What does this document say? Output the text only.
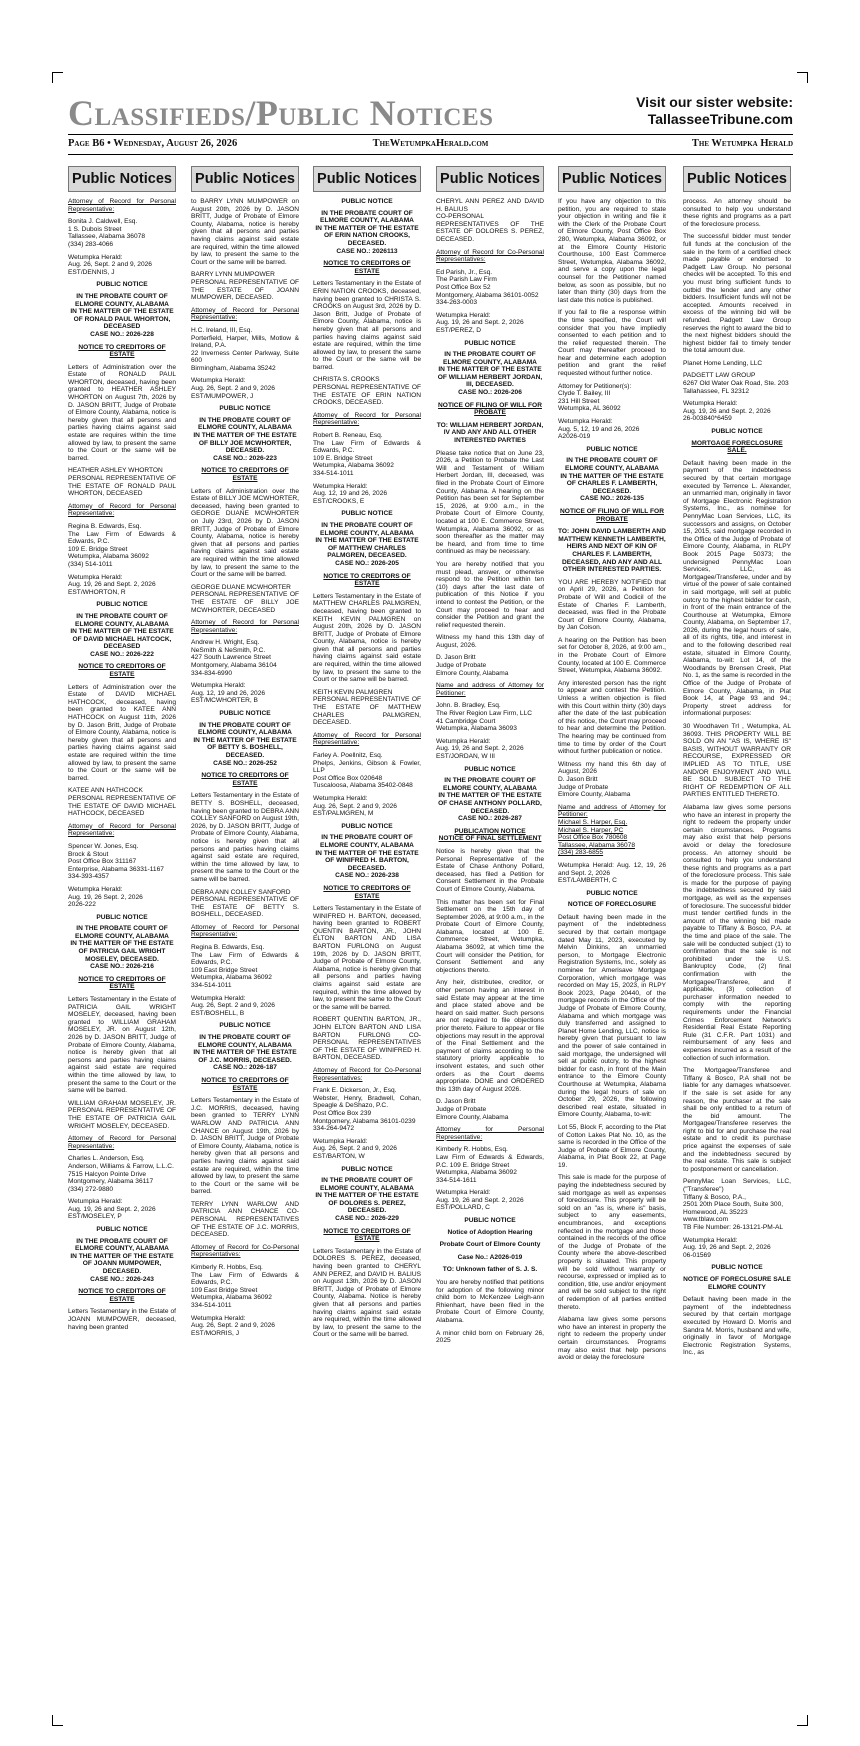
Classifieds/Public Notices	Visit our sister website:
TallasseeTribune.com
Page B6 • Wednesday, August 26, 2026	TheWetumpkaHerald.com	The Wetumpka Herald
Public Notices
Attorney of Record for Personal Representative:
Bonita J. Caldwell, Esq.
1 S. Dubois Street
Tallassee, Alabama 36078
(334) 283-4066
Wetumpka Herald:
Aug. 26, Sept. 2 and 9, 2026
EST/DENNIS, J
PUBLIC NOTICE
IN THE PROBATE COURT OF ELMORE COUNTY, ALABAMA
IN THE MATTER OF THE ESTATE OF RONALD PAUL WHORTON, DECEASED
CASE NO.: 2026-228
NOTICE TO CREDITORS OF ESTATE
Letters of Administration over the Estate of RONALD PAUL WHORTON, deceased, having been granted to HEATHER ASHLEY WHORTON on August 7th, 2026 by D. JASON BRITT, Judge of Probate of Elmore County, Alabama, notice is hereby given that all persons and parties having claims against said estate are requires within the time allowed by law, to present the same to the Court or the same will be barred.
HEATHER ASHLEY WHORTON
PERSONAL REPRESENTATIVE OF THE ESTATE OF RONALD PAUL WHORTON, DECEASED
Attorney of Record for Personal Representative:
Regina B. Edwards, Esq.
The Law Firm of Edwards & Edwards, P.C.
109 E. Bridge Street
Wetumpka, Alabama 36092
(334) 514-1011
Wetumpka Herald:
Aug. 19, 26 and Sept. 2, 2026
EST/WHORTON, R
PUBLIC NOTICE
IN THE PROBATE COURT OF ELMORE COUNTY, ALABAMA
IN THE MATTER OF THE ESTATE OF DAVID MICHAEL HATCOCK, DECEASED
CASE NO.: 2026-222
NOTICE TO CREDITORS OF ESTATE
Letters of Administration over the Estate of DAVID MICHAEL HATHCOCK, deceased, having been granted to KATEE ANN HATHCOCK on August 11th, 2026 by D. Jason Britt, Judge of Probate of Elmore County, Alabama, notice is hereby given that all persons and parties having claims against said estate are required within the time allowed by law, to present the same to the Court or the same will be barred.
KATEE ANN HATHCOCK
PERSONAL REPRESENTATIVE OF THE ESTATE OF DAVID MICHAEL HATHCOCK, DECEASED
Attorney of Record for Personal Representative:
Spencer W. Jones, Esq.
Brock & Stout
Post Office Box 311167
Enterprise, Alabama 36331-1167
334-393-4357
Wetumpka Herald:
Aug. 19, 26 Sept. 2, 2026
2026-222
PUBLIC NOTICE
IN THE PROBATE COURT OF ELMORE COUNTY, ALABAMA
IN THE MATTER OF THE ESTATE OF PATRICIA GAIL WRIGHT MOSELEY, DECEASED.
CASE NO.: 2026-216
NOTICE TO CREDITORS OF ESTATE
Letters Testamentary in the Estate of PATRICIA GAIL WRIGHT MOSELEY, deceased, having been granted to WILLIAM GRAHAM MOSELEY, JR. on August 12th, 2026 by D. JASON BRITT, Judge of Probate of Elmore County, Alabama, notice is hereby given that all persons and parties having claims against said estate are required within the time allowed by law, to present the same to the Court or the same will be barred.
WILLIAM GRAHAM MOSELEY, JR. PERSONAL REPRESENTATIVE OF THE ESTATE OF PATRICIA GAIL WRIGHT MOSELEY, DECEASED.
Attorney of Record for Personal Representative:
Charles L. Anderson, Esq.
Anderson, Williams & Farrow, L.L.C.
7515 Halcyon Pointe Drive
Montgomery, Alabama 36117
(334) 272-9880
Wetumpka Herald:
Aug. 19, 26 and Sept. 2, 2026
EST/MOSELEY, P
PUBLIC NOTICE
IN THE PROBATE COURT OF ELMORE COUNTY, ALABAMA
IN THE MATTER OF THE ESTATE OF JOANN MUMPOWER, DECEASED.
CASE NO.: 2026-243
NOTICE TO CREDITORS OF ESTATE
Letters Testamentary in the Estate of JOANN MUMPOWER, deceased, having been granted
Public Notices
to BARRY LYNN MUMPOWER on August 20th, 2026 by D. JASON BRITT, Judge of Probate of Elmore County, Alabama, notice is hereby given that all persons and parties having claims against said estate are required, within the time allowed by law, to present the same to the Court or the same will be barred.
BARRY LYNN MUMPOWER
PERSONAL REPRESENTATIVE OF THE ESTATE OF JOANN MUMPOWER, DECEASED.
Attorney of Record for Personal Representative:
H.C. Ireland, III, Esq.
Porterfield, Harper, Mills, Motlow & Ireland, P.A.
22 Inverness Center Parkway, Suite 600
Birmingham, Alabama 35242
Wetumpka Herald:
Aug. 26, Sept. 2 and 9, 2026
EST/MUMPOWER, J
PUBLIC NOTICE
IN THE PROBATE COURT OF ELMORE COUNTY, ALABAMA
IN THE MATTER OF THE ESTATE OF BILLY JOE MCWHORTER, DECEASED.
CASE NO.: 2026-223
NOTICE TO CREDITORS OF ESTATE
Letters of Administration over the Estate of BILLY JOE MCWHORTER, deceased, having been granted to GEORGE DUANE MCWHORTER on July 23rd, 2026 by D. JASON BRITT, Judge of Probate of Elmore County, Alabama, notice is hereby given that all persons and parties having claims against said estate are required within the time allowed by law, to present the same to the Court or the same will be barred.
GEORGE DUANE MCWHORTER
PERSONAL REPRESENTATIVE OF THE ESTATE OF BILLY JOE MCWHORTER, DECEASED
Attorney of Record for Personal Representative:
Andrew H. Wright, Esq.
NeSmith & NeSmith, P.C.
427 South Lawrence Street
Montgomery, Alabama 36104
334-834-6990
Wetumpka Herald:
Aug. 12, 19 and 26, 2026
EST/MCWHORTER, B
PUBLIC NOTICE
IN THE PROBATE COURT OF ELMORE COUNTY, ALABAMA
IN THE MATTER OF THE ESTATE OF BETTY S. BOSHELL, DECEASED.
CASE NO.: 2026-252
NOTICE TO CREDITORS OF ESTATE
Letters Testamentary in the Estate of BETTY S. BOSHELL, deceased, having been granted to DEBRA ANN COLLEY SANFORD on August 19th, 2026, by D. JASON BRITT, Judge of Probate of Elmore County, Alabama, notice is hereby given that all persons and parties having claims against said estate are required, within the time allowed by law, to present the same to the Court or the same will be barred.
DEBRA ANN COLLEY SANFORD
PERSONAL REPRESENTATIVE OF THE ESTATE OF BETTY S. BOSHELL, DECEASED.
Attorney of Record for Personal Representative:
Regina B. Edwards, Esq.
The Law Firm of Edwards & Edwards, P.C.
109 East Bridge Street
Wetumpka, Alabama 36092
334-514-1011
Wetumpka Herald:
Aug. 26, Sept. 2 and 9, 2026
EST/BOSHELL, B
PUBLIC NOTICE
IN THE PROBATE COURT OF ELMORE COUNTY, ALABAMA
IN THE MATTER OF THE ESTATE OF J.C. MORRIS, DECEASED.
CASE NO.: 2026-187
NOTICE TO CREDITORS OF ESTATE
Letters Testamentary in the Estate of J.C. MORRIS, deceased, having been granted to TERRY LYNN WARLOW AND PATRICIA ANN CHANCE on August 19th, 2026 by D. JASON BRITT, Judge of Probate of Elmore County, Alabama, notice is hereby given that all persons and parties having claims against said estate are required, within the time allowed by law, to present the same to the Court or the same will be barred.
TERRY LYNN WARLOW AND PATRICIA ANN CHANCE CO-PERSONAL REPRESENTATIVES OF THE ESTATE OF J.C. MORRIS, DECEASED.
Attorney of Record for Co-Personal Representatives:
Kimberly R. Hobbs, Esq.
The Law Firm of Edwards & Edwards, P.C.
109 East Bridge Street
Wetumpka, Alabama 36092
334-514-1011
Wetumpka Herald:
Aug. 26, Sept. 2 and 9, 2026
EST/MORRIS, J
Public Notices
PUBLIC NOTICE
IN THE PROBATE COURT OF ELMORE COUNTY, ALABAMA
IN THE MATTER OF THE ESTATE OF ERIN NATION CROOKS, DECEASED.
CASE NO.: 2026113
NOTICE TO CREDITORS OF ESTATE
Letters Testamentary in the Estate of ERIN NATION CROOKS, deceased, having been granted to CHRISTA S. CROOKS on August 3rd, 2026 by D. Jason Britt, Judge of Probate of Elmore County, Alabama, notice is hereby given that all persons and parties having claims against said estate are required, within the time allowed by law, to present the same to the Court or the same will be barred.
CHRISTA S. CROOKS
PERSONAL REPRESENTATIVE OF THE ESTATE OF ERIN NATION CROOKS, DECEASED.
Attorney of Record for Personal Representative:
Robert B. Reneau, Esq.
The Law Firm of Edwards & Edwards, P.C.
109 E. Bridge Street
Wetumpka, Alabama 36092
334-514-1011
Wetumpka Herald:
Aug. 12, 19 and 26, 2026
EST/CROOKS, E
PUBLIC NOTICE
IN THE PROBATE COURT OF ELMORE COUNTY, ALABAMA
IN THE MATTER OF THE ESTATE OF MATTHEW CHARLES PALMGREN, DECEASED.
CASE NO.: 2026-205
NOTICE TO CREDITORS OF ESTATE
Letters Testamentary in the Estate of MATTHEW CHARLES PALMGREN, deceased, having been granted to KEITH KEVIN PALMGREN on August 20th, 2026 by D. JASON BRITT, Judge of Probate of Elmore County, Alabama, notice is hereby given that all persons and parties having claims against said estate are required, within the time allowed by law, to present the same to the Court or the same will be barred.
KEITH KEVIN PALMGREN
PERSONAL REPRESENTATIVE OF THE ESTATE OF MATTHEW CHARLES PALMGREN, DECEASED.
Attorney of Record for Personal Representative:
Farley A. Poellnitz, Esq.
Phelps, Jenkins, Gibson & Fowler, LLP
Post Office Box 020648
Tuscaloosa, Alabama 35402-0848
Wetumpka Herald:
Aug. 26, Sept. 2 and 9, 2026
EST/PALMGREN, M
PUBLIC NOTICE
IN THE PROBATE COURT OF ELMORE COUNTY, ALABAMA
IN THE MATTER OF THE ESTATE OF WINIFRED H. BARTON, DECEASED.
CASE NO.: 2026-238
NOTICE TO CREDITORS OF ESTATE
Letters Testamentary in the Estate of WINIFRED H. BARTON, deceased, having been granted to ROBERT QUENTIN BARTON, JR., JOHN ELTON BARTON AND LISA BARTON FURLONG on August 19th, 2026 by D. JASON BRITT, Judge of Probate of Elmore County, Alabama, notice is hereby given that all persons and parties having claims against said estate are required, within the time allowed by law, to present the same to the Court or the same will be barred.
ROBERT QUENTIN BARTON, JR., JOHN ELTON BARTON AND LISA BARTON FURLONG CO-PERSONAL REPRESENTATIVES OF THE ESTATE OF WINIFRED H. BARTON, DECEASED.
Attorney of Record for Co-Personal Representatives:
Frank E. Dickerson, Jr., Esq.
Webster, Henry, Bradwell, Cohan, Speagle & DeShazo, P.C.
Post Office Box 239
Montgomery, Alabama 36101-0239
334-264-9472
Wetumpka Herald:
Aug. 26, Sept. 2 and 9, 2026
EST/BARTON, W
PUBLIC NOTICE
IN THE PROBATE COURT OF ELMORE COUNTY, ALABAMA
IN THE MATTER OF THE ESTATE OF DOLORES S. PEREZ, DECEASED.
CASE NO.: 2026-229
NOTICE TO CREDITORS OF ESTATE
Letters Testamentary in the Estate of DOLORES S. PEREZ, deceased, having been granted to CHERYL ANN PEREZ, and DAVID H. BALIUS on August 13th, 2026 by D. JASON BRITT, Judge of Probate of Elmore County, Alabama. Notice is hereby given that all persons and parties having claims against said estate are required, within the time allowed by law, to present the same to the Court or the same will be barred.
Public Notices
CHERYL ANN PEREZ AND DAVID H. BALIUS
CO-PERSONAL REPRESENTATIVES OF THE ESTATE OF DOLORES S. PEREZ, DECEASED.
Attorney of Record for Co-Personal Representatives:
Ed Parish, Jr., Esq.
The Parish Law Firm
Post Office Box 52
Montgomery, Alabama 36101-0052
334-263-0003
Wetumpka Herald:
Aug. 19, 26 and Sept. 2, 2026
EST/PEREZ, D
PUBLIC NOTICE
IN THE PROBATE COURT OF ELMORE COUNTY, ALABAMA
IN THE MATTER OF THE ESTATE OF WILLIAM HERBERT JORDAN, III, DECEASED.
CASE NO.: 2026-206
NOTICE OF FILING OF WILL FOR PROBATE
TO: WILLIAM HERBERT JORDAN, IV AND ANY AND ALL OTHER INTERESTED PARTIES
Please take notice that on June 23, 2026, a Petition to Probate the Last Will and Testament of William Herbert Jordan, III, deceased, was filed in the Probate Court of Elmore County, Alabama. A hearing on the Petition has been set for September 15, 2026, at 9:00 a.m., in the Probate Court of Elmore County, located at 100 E. Commerce Street, Wetumpka, Alabama 36092, or as soon thereafter as the matter may be heard, and from time to time continued as may be necessary.
You are hereby notified that you must plead, answer, or otherwise respond to the Petition within ten (10) days after the last date of publication of this Notice if you intend to contest the Petition, or the Court may proceed to hear and consider the Petition and grant the relief requested therein.
Witness my hand this 13th day of August, 2026.
D. Jason Britt
Judge of Probate
Elmore County, Alabama
Name and address of Attorney for Petitioner:
John. B. Bradley, Esq.
The River Region Law Firm, LLC
41 Cambridge Court
Wetumpka, Alabama 36093
Wetumpka Herald:
Aug. 19, 26 and Sept. 2, 2026
EST/JORDAN, W III
PUBLIC NOTICE
IN THE PROBATE COURT OF ELMORE COUNTY, ALABAMA
IN THE MATTER OF THE ESTATE OF CHASE ANTHONY POLLARD, DECEASED.
CASE NO.: 2026-287
PUBLICATION NOTICE
NOTICE OF FINAL SETTLEMENT
Notice is hereby given that the Personal Representative of the Estate of Chase Anthony Pollard, deceased, has filed a Petition for Consent Settlement in the Probate Court of Elmore County, Alabama.
This matter has been set for Final Settlement on the 15th day of September 2026, at 9:00 a.m., in the Probate Court of Elmore County, Alabama, located at 100 E. Commerce Street, Wetumpka, Alabama 36092, at which time the Court will consider the Petition, for Consent Settlement and any objections thereto.
Any heir, distributee, creditor, or other person having an interest in said Estate may appear at the time and place stated above and be heard on said matter. Such persons are not required to file objections prior thereto. Failure to appear or file objections may result in the approval of the Final Settlement and the payment of claims according to the statutory priority applicable to insolvent estates, and such other orders as the Court deems appropriate. DONE and ORDERED this 13th day of August 2026.
D. Jason Britt
Judge of Probate
Elmore County, Alabama
Attorney for Personal Representative:
Kimberly R. Hobbs, Esq.
Law Firm of Edwards & Edwards, P.C. 109 E. Bridge Street
Wetumpka, Alabama 36092
334-514-1611
Wetumpka Herald:
Aug. 19, 26 and Sept. 2, 2026
EST/POLLARD, C
PUBLIC NOTICE
Notice of Adoption Hearing
Probate Court of Elmore County
Case No.: A2026-019
TO: Unknown father of S. J. S.
You are hereby notified that petitions for adoption of the following minor child born to McKenzee Leigh-ann Rhienhart, have been filed in the Probate Court of Elmore County, Alabama.
A minor child born on February 26, 2025
Public Notices
If you have any objection to this petition, you are required to state your objection in writing and file it with the Clerk of the Probate Court of Elmore County, Post Office Box 280, Wetumpka, Alabama 36092, or at the Elmore County Historic Courthouse, 100 East Commerce Street, Wetumpka, Alabama 36092, and serve a copy upon the legal counsel for the Petitioner named below, as soon as possible, but no later than thirty (30) days from the last date this notice is published.
If you fail to file a response within the time specified, the Court will consider that you have impliedly consented to each petition and to the relief requested therein. The Court may thereafter proceed to hear and determine each adoption petition and grant the relief requested without further notice.
Attorney for Petitioner(s):
Clyde T. Bailey, III
231 Hill Street
Wetumpka, AL 36092
Wetumpka Herald:
Aug. 5, 12, 19 and 26, 2026
A2026-019
PUBLIC NOTICE
IN THE PROBATE COURT OF ELMORE COUNTY, ALABAMA
IN THE MATTER OF THE ESTATE OF CHARLES F. LAMBERTH, DECEASED.
CASE NO.: 2026-135
NOTICE OF FILING OF WILL FOR PROBATE
TO: JOHN DAVID LAMBERTH AND MATTHEW KENNETH LAMBERTH, HEIRS AND NEXT OF KIN OF CHARLES F. LAMBERTH, DECEASED, AND ANY AND ALL OTHER INTERESTED PARTIES.
YOU ARE HEREBY NOTIFIED that on April 29, 2026, a Petition for Probate of Will and Codicil of the Estate of Charles F. Lamberth, deceased, was filed in the Probate Court of Elmore County, Alabama, by Jan Colson.
A hearing on the Petition has been set for October 8, 2026, at 9:00 am., in the Probate Court of Elmore County, located at 100 E. Commerce Street, Wetumpka, Alabama 36092.
Any interested person has the right to appear and contest the Petition. Unless a written objection is filed with this Court within thirty (30) days after the date of the last publication of this notice, the Court may proceed to hear and determine the Petition. The hearing may be continued from time to time by order of the Court without further publication or notice.
Witness my hand this 6th day of August, 2026
D. Jason Britt
Judge of Probate
Elmore County, Alabama
Name and address of Attorney for Petitioner:
Michael S. Harper, Esq.
Michael S. Harper, PC
Post Office Box 780608
Tallassee, Alabama 36078
(334) 283-6855
Wetumpka Herald: Aug. 12, 19, 26 and Sept. 2, 2026
EST/LAMBERTH, C
PUBLIC NOTICE
NOTICE OF FORECLOSURE
Default having been made in the payment of the indebtedness secured by that certain mortgage dated May 11, 2023, executed by Melvin Dinkins, an unmarried person, to Mortgage Electronic Registration Systems, Inc., solely as nominee for Amerisave Mortgage Corporation, which mortgage was recorded on May 15, 2023, in RLPY Book 2023, Page 20440, of the mortgage records in the Office of the Judge of Probate of Elmore County, Alabama and which mortgage was duly transferred and assigned to Planet Home Lending, LLC, notice is hereby given that pursuant to law and the power of sale contained in said mortgage, the undersigned will sell at public outcry, to the highest bidder for cash, in front of the Main entrance to the Elmore County Courthouse at Wetumpka, Alabama during the legal hours of sale on October 29, 2026, the following described real estate, situated in Elmore County, Alabama, to-wit:
Lot 55, Block F, according to the Plat of Cotton Lakes Plat No. 10, as the same is recorded in the Office of the Judge of Probate of Elmore County, Alabama, in Plat Book 22, at Page 19.
This sale is made for the purpose of paying the indebtedness secured by said mortgage as well as expenses of foreclosure. This property will be sold on an "as is, where is" basis, subject to any easements, encumbrances, and exceptions reflected in the mortgage and those contained in the records of the office of the Judge of Probate of the County where the above-described property is situated. This property will be sold without warranty or recourse, expressed or implied as to condition, title, use and/or enjoyment and will be sold subject to the right of redemption of all parties entitled thereto.
Alabama law gives some persons who have an interest in property the right to redeem the property under certain circumstances. Programs may also exist that help persons avoid or delay the foreclosure
Public Notices
process. An attorney should be consulted to help you understand these rights and programs as a part of the foreclosure process.
The successful bidder must tender full funds at the conclusion of the sale in the form of a certified check made payable or endorsed to Padgett Law Group. No personal checks will be accepted. To this end you must bring sufficient funds to outbid the lender and any other bidders. Insufficient funds will not be accepted. Amounts received in excess of the winning bid will be refunded. Padgett Law Group reserves the right to award the bid to the next highest bidders should the highest bidder fail to timely tender the total amount due.
Planet Home Lending, LLC
PADGETT LAW GROUP
6267 Old Water Oak Road, Ste. 203
Tallahassee, FL 32312
Wetumpka Herald:
Aug. 19, 26 and Sept. 2, 2026
26-003840*6459
PUBLIC NOTICE
MORTGAGE FORECLOSURE SALE.
Default having been made in the payment of the indebtedness secured by that certain mortgage executed by Terrence L. Alexander, an unmarried man, originally in favor of Mortgage Electronic Registration Systems, Inc., as nominee for PennyMac Loan Services, LLC, its successors and assigns, on October 15, 2015, said mortgage recorded in the Office of the Judge of Probate of Elmore County, Alabama, in RLPY Book 2015 Page 50373; the undersigned PennyMac Loan Services, LLC, as Mortgagee/Transferee, under and by virtue of the power of sale contained in said mortgage, will sell at public outcry to the highest bidder for cash, in front of the main entrance of the Courthouse at Wetumpka, Elmore County, Alabama, on September 17, 2026, during the legal hours of sale, all of its rights, title, and interest in and to the following described real estate, situated in Elmore County, Alabama, to-wit: Lot 14, of the Woodlands by Brensen Creek, Plat No. 1, as the same is recorded in the Office of the Judge of Probate of Elmore County, Alabama, in Plat Book 14, at Page 93 and 94.; Property street address for informational purposes:
30 Woodhaven Trl , Wetumpka, AL 36093. THIS PROPERTY WILL BE SOLD ON AN "AS IS, WHERE IS" BASIS, WITHOUT WARRANTY OR RECOURSE, EXPRESSED OR IMPLIED AS TO TITLE, USE AND/OR ENJOYMENT AND WILL BE SOLD SUBJECT TO THE RIGHT OF REDEMPTION OF ALL PARTIES ENTITLED THERETO.
Alabama law gives some persons who have an interest in property the right to redeem the property under certain circumstances. Programs may also exist that help persons avoid or delay the foreclosure process. An attorney should be consulted to help you understand these rights and programs as a part of the foreclosure process. This sale is made for the purpose of paying the indebtedness secured by said mortgage, as well as the expenses of foreclosure. The successful bidder must tender certified funds in the amount of the winning bid made payable to Tiffany & Bosco, P.A. at the time and place of the sale. The sale will be conducted subject (1) to confirmation that the sale is not prohibited under the U.S. Bankruptcy Code, (2) final confirmation with the Mortgagee/Transferee, and if applicable, (3) collection of purchaser information needed to comply with the reporting requirements under the Financial Crimes Enforcement Network's Residential Real Estate Reporting Rule (31 C.F.R. Part 1031) and reimbursement of any fees and expenses incurred as a result of the collection of such information.
The Mortgagee/Transferee and Tiffany & Bosco, P.A shall not be liable for any damages whatsoever. If the sale is set aside for any reason, the purchaser at the sale shall be only entitled to a return of the bid amount. The Mortgagee/Transferee reserves the right to bid for and purchase the real estate and to credit its purchase price against the expenses of sale and the indebtedness secured by the real estate. This sale is subject to postponement or cancellation.
PennyMac Loan Services, LLC, ("Transferee")
Tiffany & Bosco, P.A.,
2501 20th Place South, Suite 300,
Homewood, AL 35223
www.tblaw.com
TB File Number: 26-13121-PM-AL
Wetumpka Herald:
Aug. 19, 26 and Sept. 2, 2026
06-01569
PUBLIC NOTICE
NOTICE OF FORECLOSURE SALE
ELMORE COUNTY
Default having been made in the payment of the indebtedness secured by that certain mortgage executed by Howard D. Morris and Sandra M. Morris, husband and wife, originally in favor of Mortgage Electronic Registration Systems, Inc., as
